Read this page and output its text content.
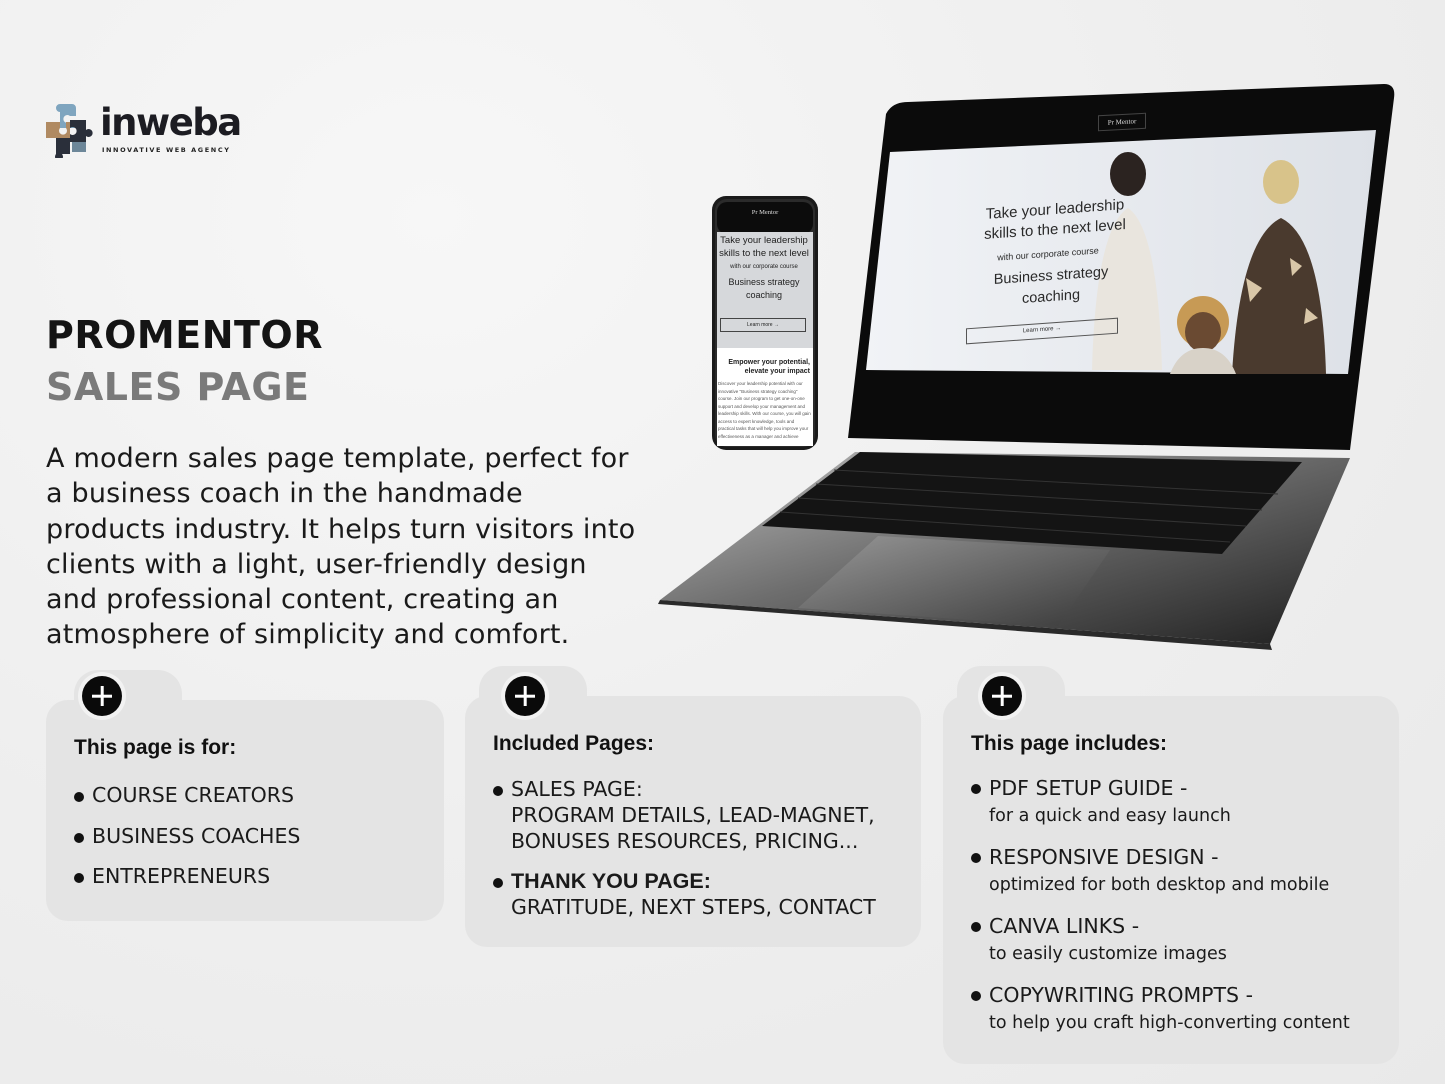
inweba
INNOVATIVE WEB AGENCY
PROMENTOR
SALES PAGE

A modern sales page template, perfect for a business coach in the handmade products industry. It helps turn visitors into clients with a light, user-friendly design and professional content, creating an atmosphere of simplicity and comfort.

Pr Mentor
Take your leadership skills to the next level
with our corporate course
Business strategy coaching
Learn more →
Pr Mentor
Take your leadership skills to the next level
with our corporate course
Business strategy coaching
Learn more →
Empower your potential, elevate your impact
Discover your leadership potential with our innovative "Business strategy coaching" course. Join our program to get one-on-one support and develop your management and leadership skills. With our course, you will gain access to expert knowledge, tools and practical tasks that will help you improve your effectiveness as a manager and achieve
This page is for:
COURSE CREATORS
BUSINESS COACHES
ENTREPRENEURS
Included Pages:
SALES PAGE:
PROGRAM DETAILS, LEAD-MAGNET,
BONUSES RESOURCES, PRICING...
THANK YOU PAGE:
GRATITUDE, NEXT STEPS, CONTACT
This page includes:
PDF SETUP GUIDE -
for a quick and easy launch
RESPONSIVE DESIGN -
optimized for both desktop and mobile
CANVA LINKS -
to easily customize images
COPYWRITING PROMPTS -
to help you craft high-converting content
